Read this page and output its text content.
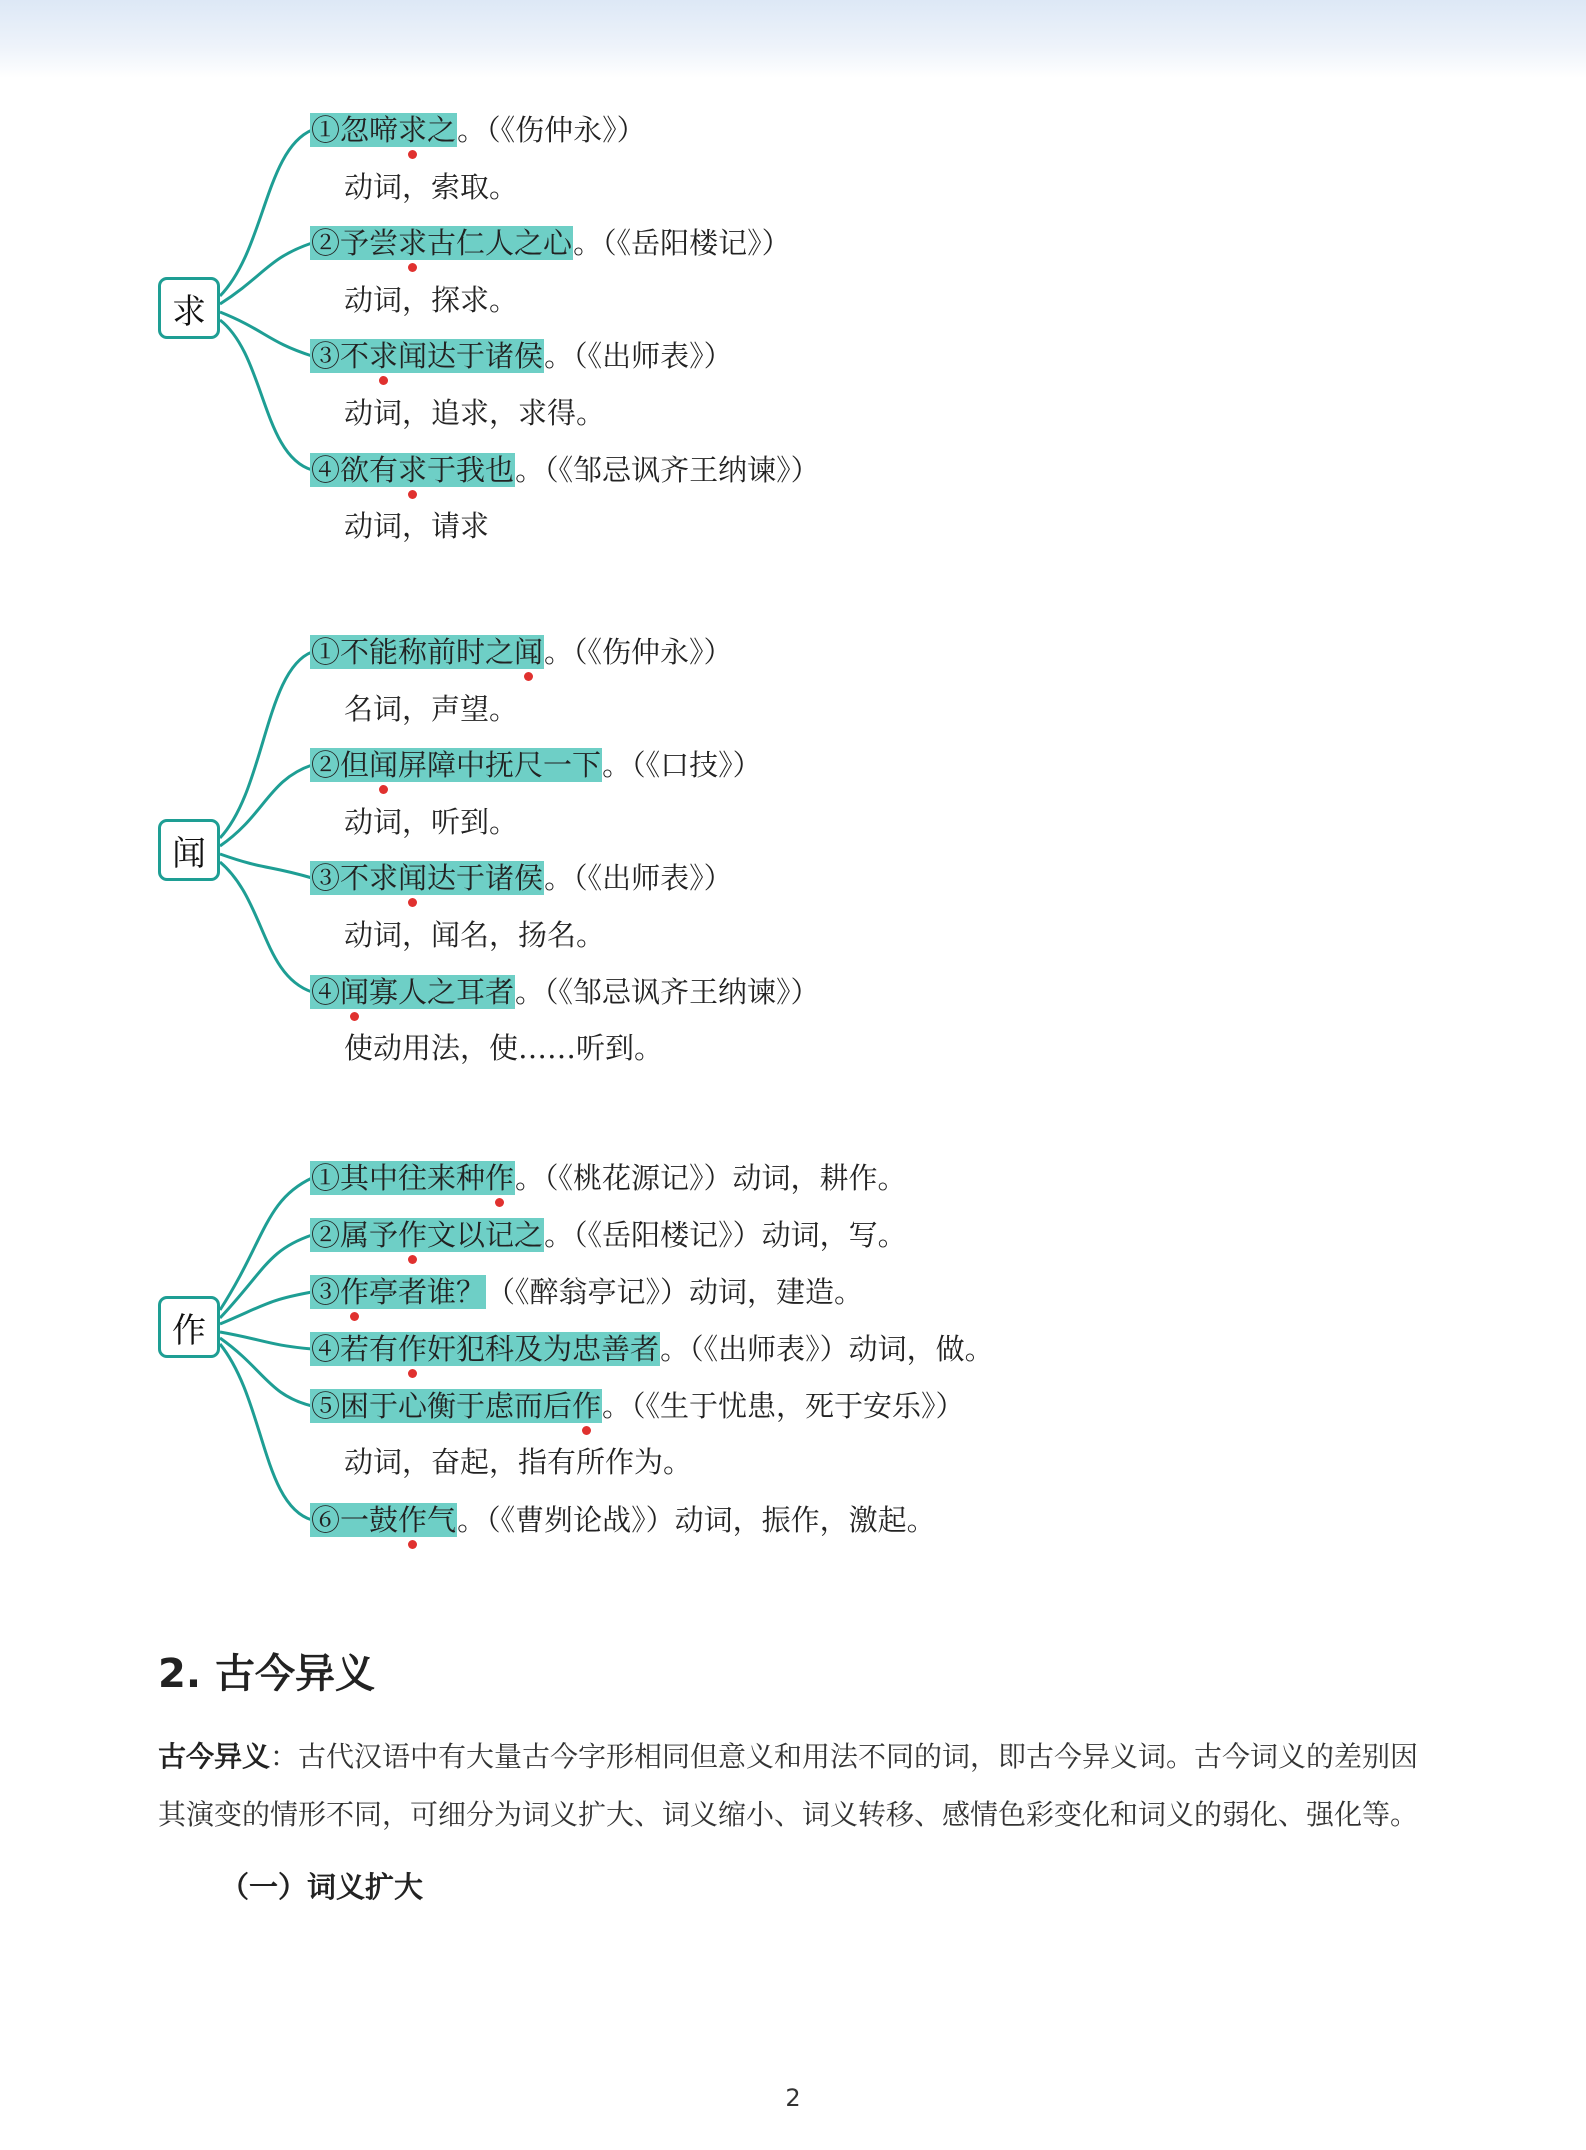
求
闻
作
①忽啼求之。（《伤仲永》）
动词，索取。
②予尝求古仁人之心。（《岳阳楼记》）
动词，探求。
③不求闻达于诸侯。（《出师表》）
动词，追求，求得。
④欲有求于我也。（《邹忌讽齐王纳谏》）
动词，请求
①不能称前时之闻。（《伤仲永》）
名词，声望。
②但闻屏障中抚尺一下。（《口技》）
动词，听到。
③不求闻达于诸侯。（《出师表》）
动词，闻名，扬名。
④闻寡人之耳者。（《邹忌讽齐王纳谏》）
使动用法，使……听到。
①其中往来种作。（《桃花源记》）动词，耕作。
②属予作文以记之。（《岳阳楼记》）动词，写。
③作亭者谁？（《醉翁亭记》）动词，建造。
④若有作奸犯科及为忠善者。（《出师表》）动词，做。
⑤困于心衡于虑而后作。（《生于忧患，死于安乐》）
动词，奋起，指有所作为。
⑥一鼓作气。（《曹刿论战》）动词，振作，激起。
2. 古今异义
古今异义：古代汉语中有大量古今字形相同但意义和用法不同的词，即古今异义词。古今词义的差别因其演变的情形不同，可细分为词义扩大、词义缩小、词义转移、感情色彩变化和词义的弱化、强化等。
（一）词义扩大
2
